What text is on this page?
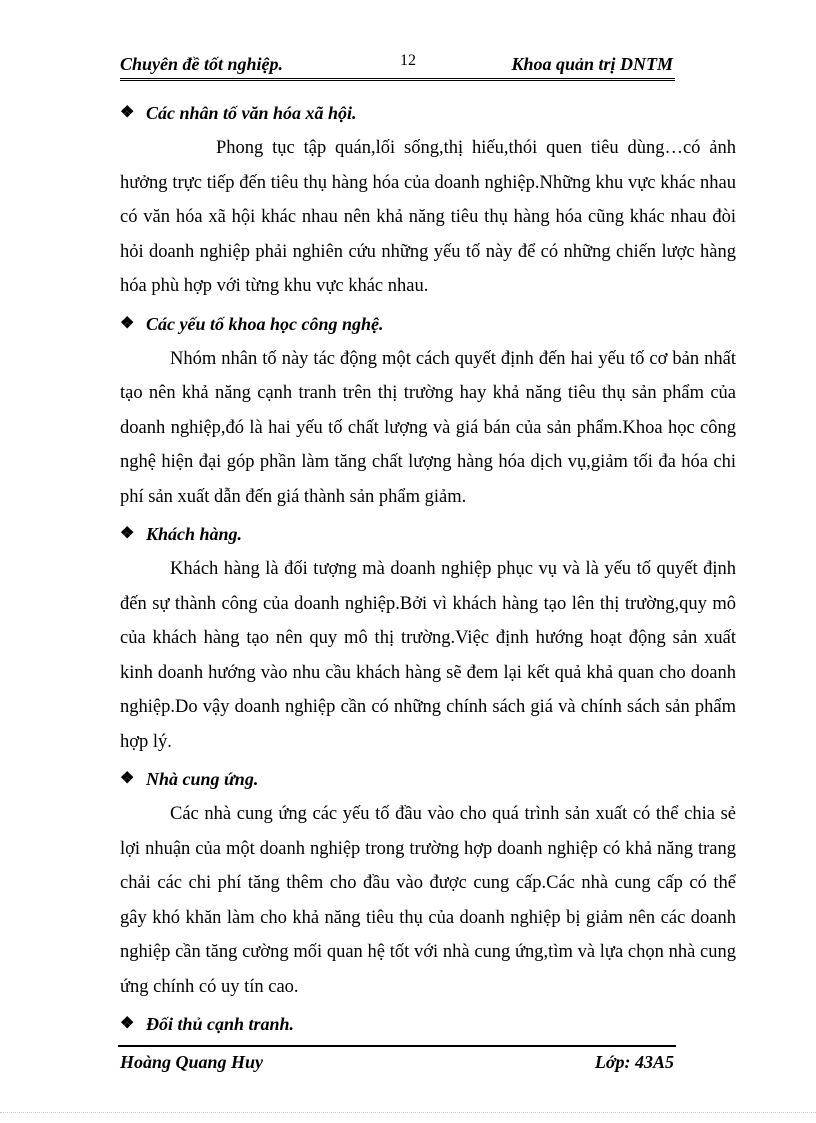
Chuyên đề tốt nghiệp.	12	Khoa quản trị DNTM
❖ Các nhân tố văn hóa xã hội.

Phong tục tập quán,lối sống,thị hiếu,thói quen tiêu dùng…có ảnh hưởng trực tiếp đến tiêu thụ hàng hóa của doanh nghiệp.Những khu vực khác nhau có văn hóa xã hội khác nhau nên khả năng tiêu thụ hàng hóa cũng khác nhau đòi hỏi doanh nghiệp phải nghiên cứu những yếu tố này để có những chiến lược hàng hóa phù hợp với từng khu vực khác nhau.

❖ Các yếu tố khoa học công nghệ.

Nhóm nhân tố này tác động một cách quyết định đến hai yếu tố cơ bản nhất tạo nên khả năng cạnh tranh trên thị trường hay khả năng tiêu thụ sản phẩm của doanh nghiệp,đó là hai yếu tố chất lượng và giá bán của sản phẩm.Khoa học công nghệ hiện đại góp phần làm tăng chất lượng hàng hóa dịch vụ,giảm tối đa hóa chi phí sản xuất dẫn đến giá thành sản phẩm giảm.

❖ Khách hàng.

Khách hàng là đối tượng mà doanh nghiệp phục vụ và là yếu tố quyết định đến sự thành công của doanh nghiệp.Bởi vì khách hàng tạo lên thị trường,quy mô của khách hàng tạo nên quy mô thị trường.Việc định hướng hoạt động sản xuất kinh doanh hướng vào nhu cầu khách hàng sẽ đem lại kết quả khả quan cho doanh nghiệp.Do vậy doanh nghiệp cần có những chính sách giá và chính sách sản phẩm hợp lý.

❖ Nhà cung ứng.

Các nhà cung ứng các yếu tố đầu vào cho quá trình sản xuất có thể chia sẻ lợi nhuận của một doanh nghiệp trong trường hợp doanh nghiệp có khả năng trang chải các chi phí tăng thêm cho đầu vào được cung cấp.Các nhà cung cấp có thể gây khó khăn làm cho khả năng tiêu thụ của doanh nghiệp bị giảm nên các doanh nghiệp cần tăng cường mối quan hệ tốt với nhà cung ứng,tìm và lựa chọn nhà cung ứng chính có uy tín cao.

❖ Đối thủ cạnh tranh.
Hoàng Quang Huy	Lớp: 43A5
